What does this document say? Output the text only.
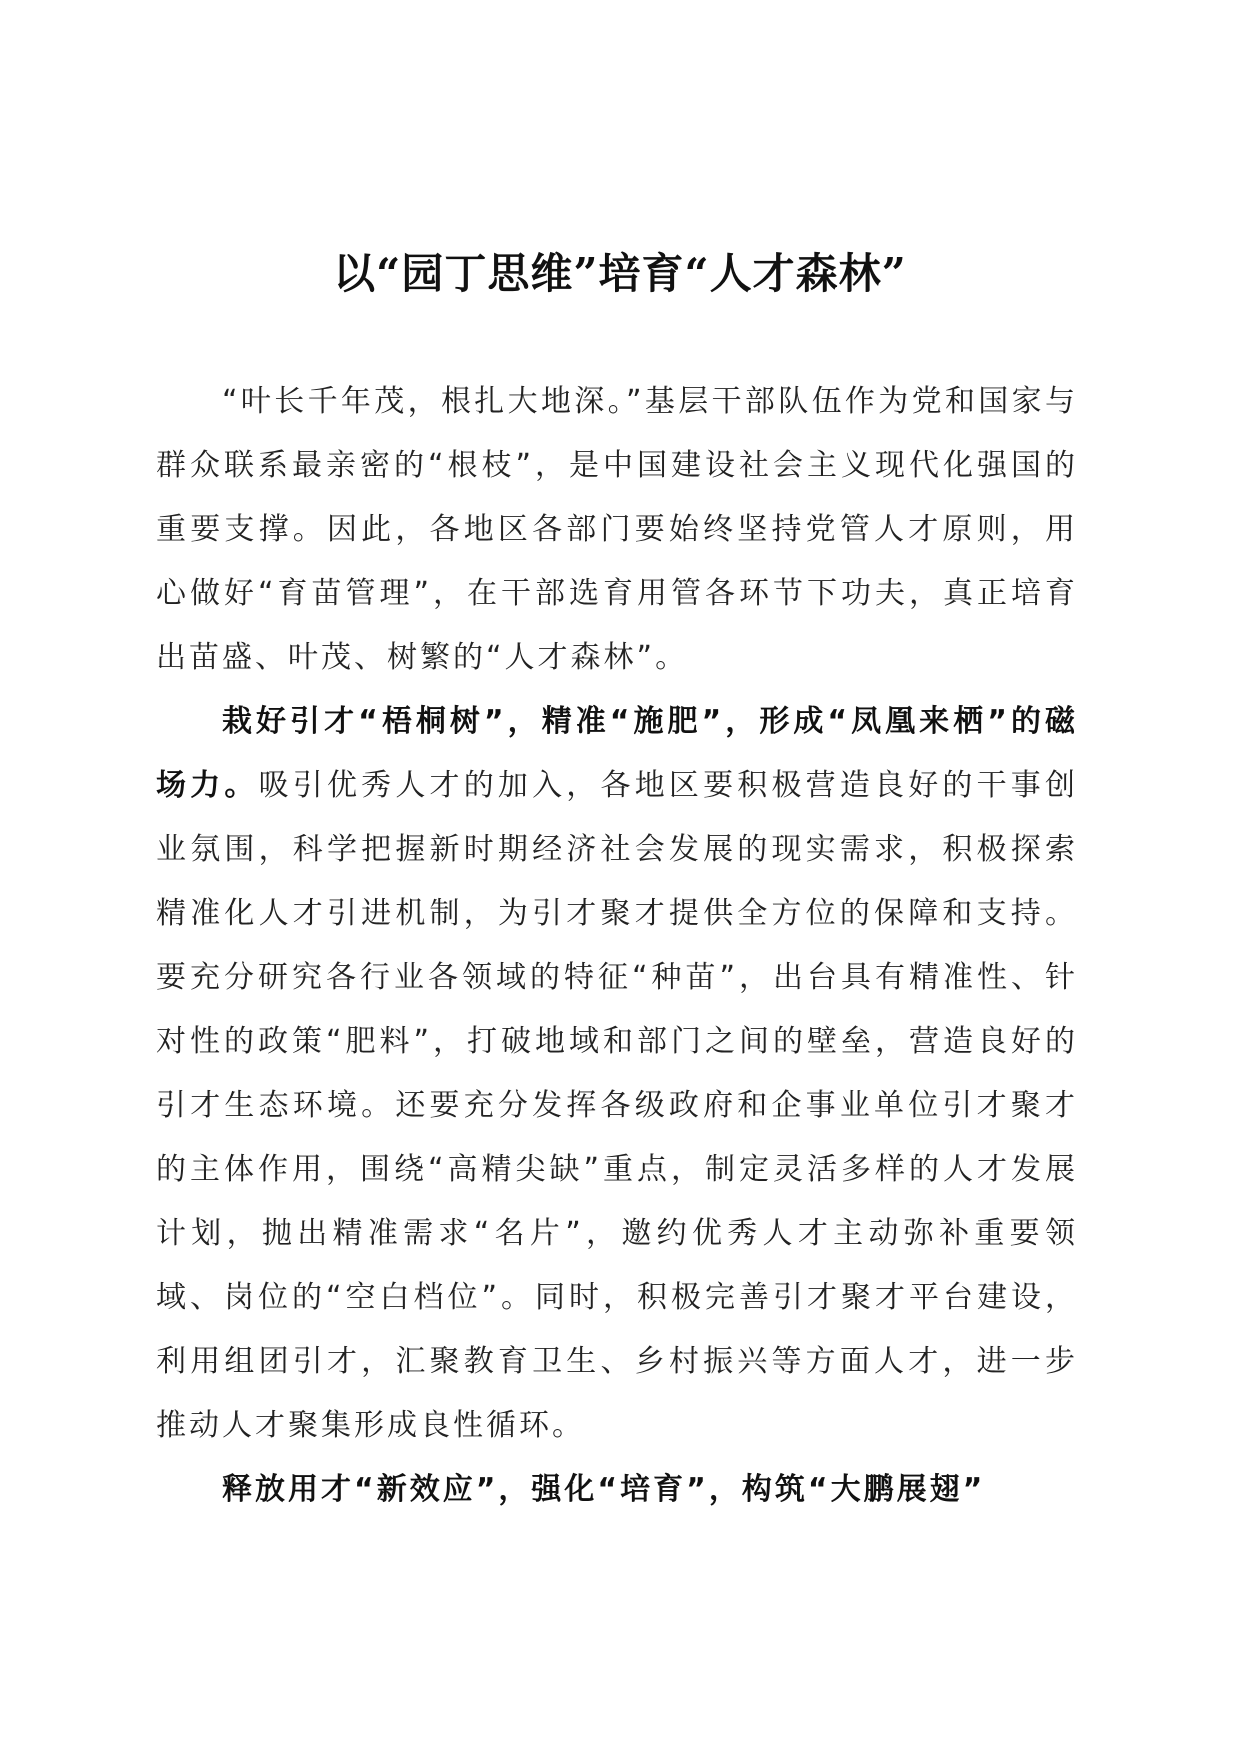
以“园丁思维”培育“人才森林”

“叶长千年茂，根扎大地深。”基层干部队伍作为党和国家与群众联系最亲密的“根枝”，是中国建设社会主义现代化强国的重要支撑。因此，各地区各部门要始终坚持党管人才原则，用心做好“育苗管理”，在干部选育用管各环节下功夫，真正培育出苗盛、叶茂、树繁的“人才森林”。

栽好引才“梧桐树”，精准“施肥”，形成“凤凰来栖”的磁场力。吸引优秀人才的加入，各地区要积极营造良好的干事创业氛围，科学把握新时期经济社会发展的现实需求，积极探索精准化人才引进机制，为引才聚才提供全方位的保障和支持。要充分研究各行业各领域的特征“种苗”，出台具有精准性、针对性的政策“肥料”，打破地域和部门之间的壁垒，营造良好的引才生态环境。还要充分发挥各级政府和企事业单位引才聚才的主体作用，围绕“高精尖缺”重点，制定灵活多样的人才发展计划，抛出精准需求“名片”，邀约优秀人才主动弥补重要领域、岗位的“空白档位”。同时，积极完善引才聚才平台建设，利用组团引才，汇聚教育卫生、乡村振兴等方面人才，进一步推动人才聚集形成良性循环。

释放用才“新效应”，强化“培育”，构筑“大鹏展翅”
